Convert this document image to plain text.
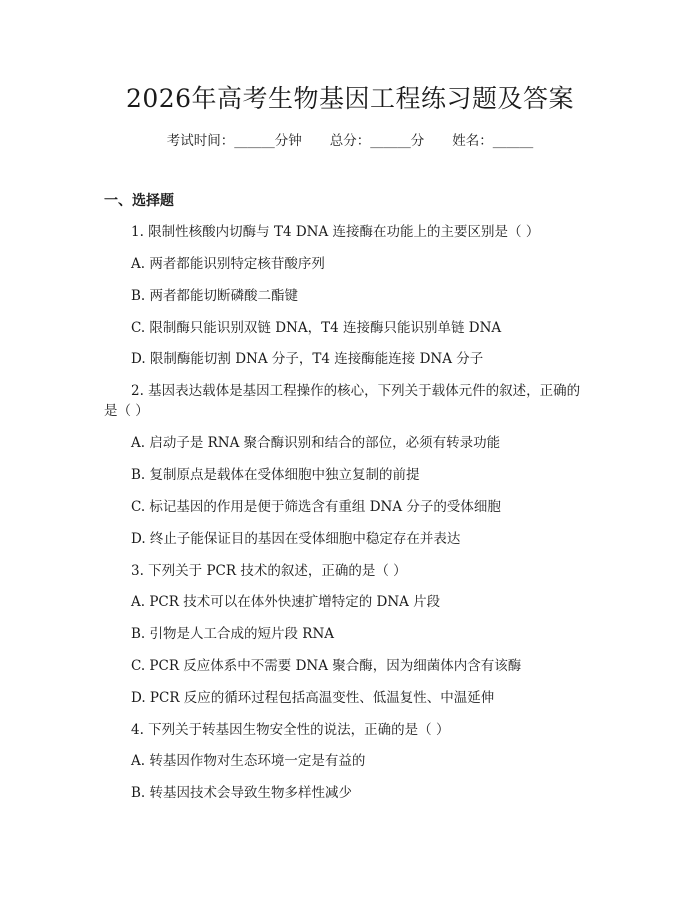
2026年高考生物基因工程练习题及答案
考试时间：______分钟 总分：______分 姓名：______
一、选择题
1. 限制性核酸内切酶与 T4 DNA 连接酶在功能上的主要区别是（ ）
A. 两者都能识别特定核苷酸序列
B. 两者都能切断磷酸二酯键
C. 限制酶只能识别双链 DNA，T4 连接酶只能识别单链 DNA
D. 限制酶能切割 DNA 分子，T4 连接酶能连接 DNA 分子
2. 基因表达载体是基因工程操作的核心，下列关于载体元件的叙述，正确的
是（ ）
A. 启动子是 RNA 聚合酶识别和结合的部位，必须有转录功能
B. 复制原点是载体在受体细胞中独立复制的前提
C. 标记基因的作用是便于筛选含有重组 DNA 分子的受体细胞
D. 终止子能保证目的基因在受体细胞中稳定存在并表达
3. 下列关于 PCR 技术的叙述，正确的是（ ）
A. PCR 技术可以在体外快速扩增特定的 DNA 片段
B. 引物是人工合成的短片段 RNA
C. PCR 反应体系中不需要 DNA 聚合酶，因为细菌体内含有该酶
D. PCR 反应的循环过程包括高温变性、低温复性、中温延伸
4. 下列关于转基因生物安全性的说法，正确的是（ ）
A. 转基因作物对生态环境一定是有益的
B. 转基因技术会导致生物多样性减少
